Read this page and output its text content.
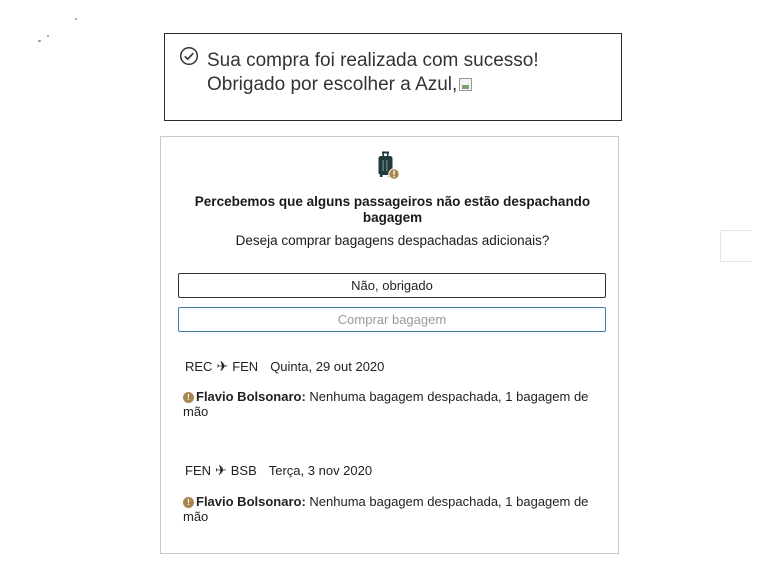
Sua compra foi realizada com sucesso! Obrigado por escolher a Azul,
Percebemos que alguns passageiros não estão despachando bagagem
Deseja comprar bagagens despachadas adicionais?
Não, obrigado
Comprar bagagem
REC ✈ FEN Quinta, 29 out 2020
! Flavio Bolsonaro: Nenhuma bagagem despachada, 1 bagagem de mão
FEN ✈ BSB Terça, 3 nov 2020
! Flavio Bolsonaro: Nenhuma bagagem despachada, 1 bagagem de mão
